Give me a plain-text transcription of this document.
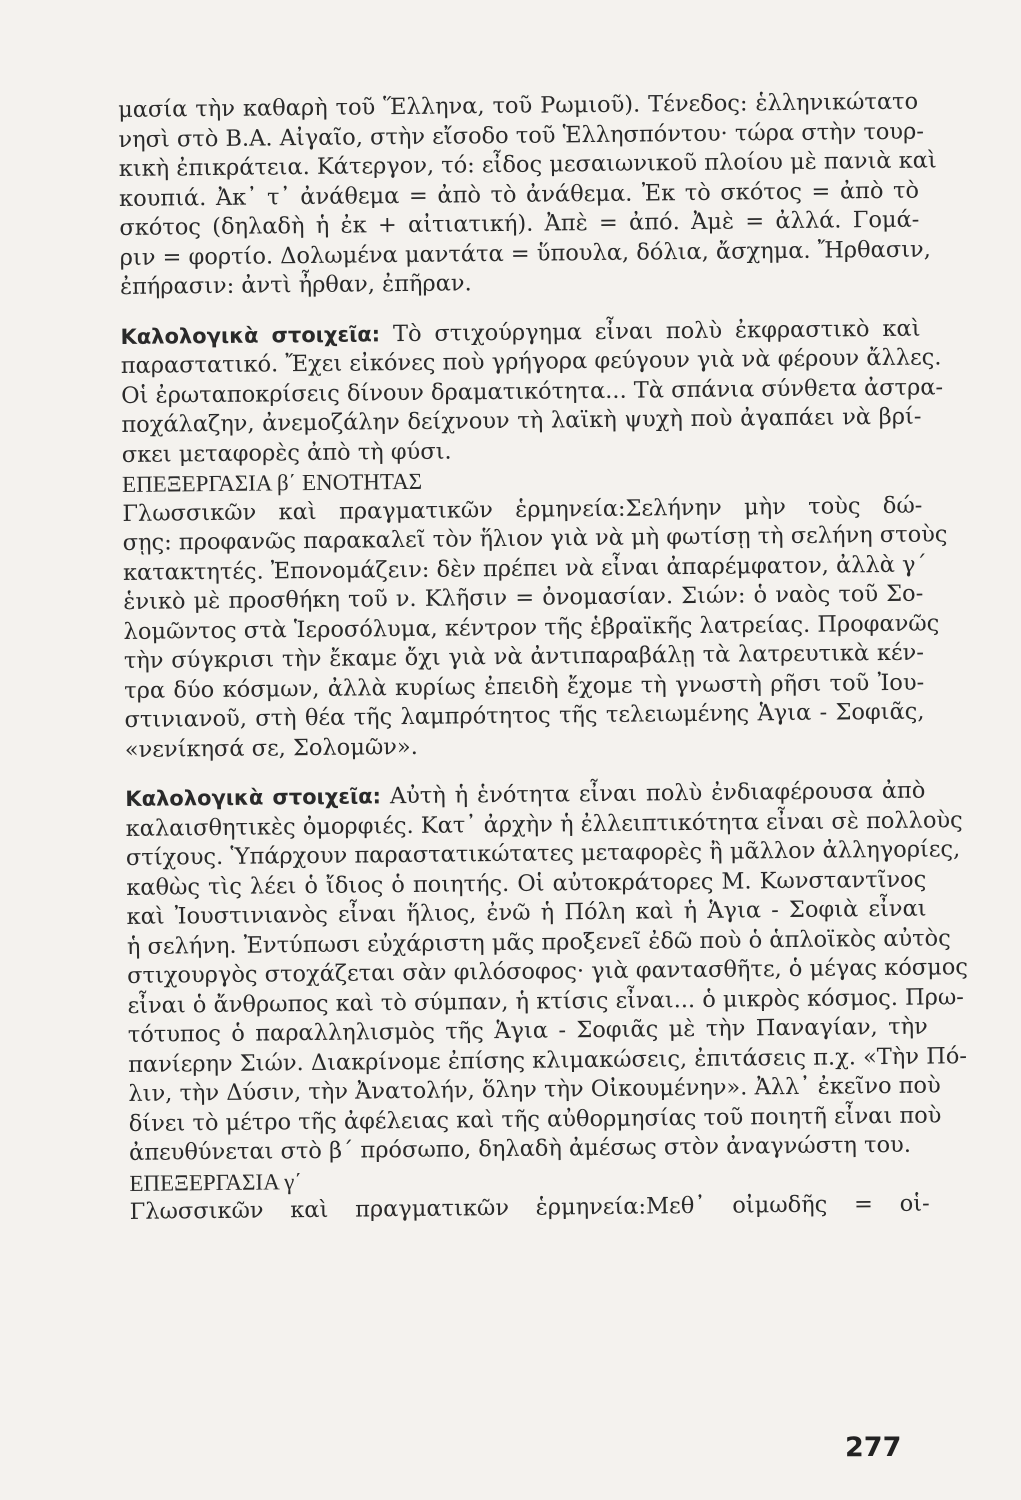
μασία τὴν καθαρὴ τοῦ Ἕλληνα, τοῦ Ρωμιοῦ). Τένεδος: ἑλληνικώτατο
νησὶ στὸ Β.Α. Αἰγαῖο, στὴν εἴσοδο τοῦ Ἑλλησπόντου· τώρα στὴν τουρ-
κικὴ ἐπικράτεια. Κάτεργον, τό: εἶδος μεσαιωνικοῦ πλοίου μὲ πανιὰ καὶ
κουπιά. Ἀκ᾿ τ᾿ ἀνάθεμα = ἀπὸ τὸ ἀνάθεμα. Ἐκ τὸ σκότος = ἀπὸ τὸ
σκότος (δηλαδὴ ἡ ἐκ + αἰτιατική). Ἀπὲ = ἀπό. Ἀμὲ = ἀλλά. Γομά-
ριν = φορτίο. Δολωμένα μαντάτα = ὕπουλα, δόλια, ἄσχημα. Ἤρθασιν,
ἐπήρασιν: ἀντὶ ἦρθαν, ἐπῆραν.
Καλολογικὰ στοιχεῖα: Τὸ στιχούργημα εἶναι πολὺ ἐκφραστικὸ καὶ
παραστατικό. Ἔχει εἰκόνες ποὺ γρήγορα φεύγουν γιὰ νὰ φέρουν ἄλλες.
Οἱ ἐρωταποκρίσεις δίνουν δραματικότητα... Τὰ σπάνια σύνθετα ἀστρα-
ποχάλαζην, ἀνεμοζάλην δείχνουν τὴ λαϊκὴ ψυχὴ ποὺ ἀγαπάει νὰ βρί-
σκει μεταφορὲς ἀπὸ τὴ φύσι.
ΕΠΕΞΕΡΓΑΣΙΑ β΄ ΕΝΟΤΗΤΑΣ
Γλωσσικῶν καὶ πραγματικῶν ἑρμηνεία:Σελήνην μὴν τοὺς δώ-
σῃς: προφανῶς παρακαλεῖ τὸν ἥλιον γιὰ νὰ μὴ φωτίσῃ τὴ σελήνη στοὺς
κατακτητές. Ἐπονομάζειν: δὲν πρέπει νὰ εἶναι ἀπαρέμφατον, ἀλλὰ γ΄
ἑνικὸ μὲ προσθήκη τοῦ ν. Κλῆσιν = ὀνομασίαν. Σιών: ὁ ναὸς τοῦ Σο-
λομῶντος στὰ Ἱεροσόλυμα, κέντρον τῆς ἑβραϊκῆς λατρείας. Προφανῶς
τὴν σύγκρισι τὴν ἔκαμε ὄχι γιὰ νὰ ἀντιπαραβάλῃ τὰ λατρευτικὰ κέν-
τρα δύο κόσμων, ἀλλὰ κυρίως ἐπειδὴ ἔχομε τὴ γνωστὴ ρῆσι τοῦ Ἰου-
στινιανοῦ, στὴ θέα τῆς λαμπρότητος τῆς τελειωμένης Ἁγια - Σοφιᾶς,
«νενίκησά σε, Σολομῶν».
Καλολογικὰ στοιχεῖα: Αὐτὴ ἡ ἑνότητα εἶναι πολὺ ἐνδιαφέρουσα ἀπὸ
καλαισθητικὲς ὀμορφιές. Κατ᾿ ἀρχὴν ἡ ἐλλειπτικότητα εἶναι σὲ πολλοὺς
στίχους. Ὑπάρχουν παραστατικώτατες μεταφορὲς ἢ μᾶλλον ἀλληγορίες,
καθὼς τὶς λέει ὁ ἴδιος ὁ ποιητής. Οἱ αὐτοκράτορες Μ. Κωνσταντῖνος
καὶ Ἰουστινιανὸς εἶναι ἥλιος, ἐνῶ ἡ Πόλη καὶ ἡ Ἁγια - Σοφιὰ εἶναι
ἡ σελήνη. Ἐντύπωσι εὐχάριστη μᾶς προξενεῖ ἐδῶ ποὺ ὁ ἁπλοϊκὸς αὐτὸς
στιχουργὸς στοχάζεται σὰν φιλόσοφος· γιὰ φαντασθῆτε, ὁ μέγας κόσμος
εἶναι ὁ ἄνθρωπος καὶ τὸ σύμπαν, ἡ κτίσις εἶναι... ὁ μικρὸς κόσμος. Πρω-
τότυπος ὁ παραλληλισμὸς τῆς Ἁγια - Σοφιᾶς μὲ τὴν Παναγίαν, τὴν
πανίερην Σιών. Διακρίνομε ἐπίσης κλιμακώσεις, ἐπιτάσεις π.χ. «Τὴν Πό-
λιν, τὴν Δύσιν, τὴν Ἀνατολήν, ὅλην τὴν Οἰκουμένην». Ἀλλ᾿ ἐκεῖνο ποὺ
δίνει τὸ μέτρο τῆς ἀφέλειας καὶ τῆς αὐθορμησίας τοῦ ποιητῆ εἶναι ποὺ
ἀπευθύνεται στὸ β΄ πρόσωπο, δηλαδὴ ἀμέσως στὸν ἀναγνώστη του.
ΕΠΕΞΕΡΓΑΣΙΑ γ΄
Γλωσσικῶν καὶ πραγματικῶν ἑρμηνεία:Μεθ᾿ οἰμωδῆς = οἱ-
277
